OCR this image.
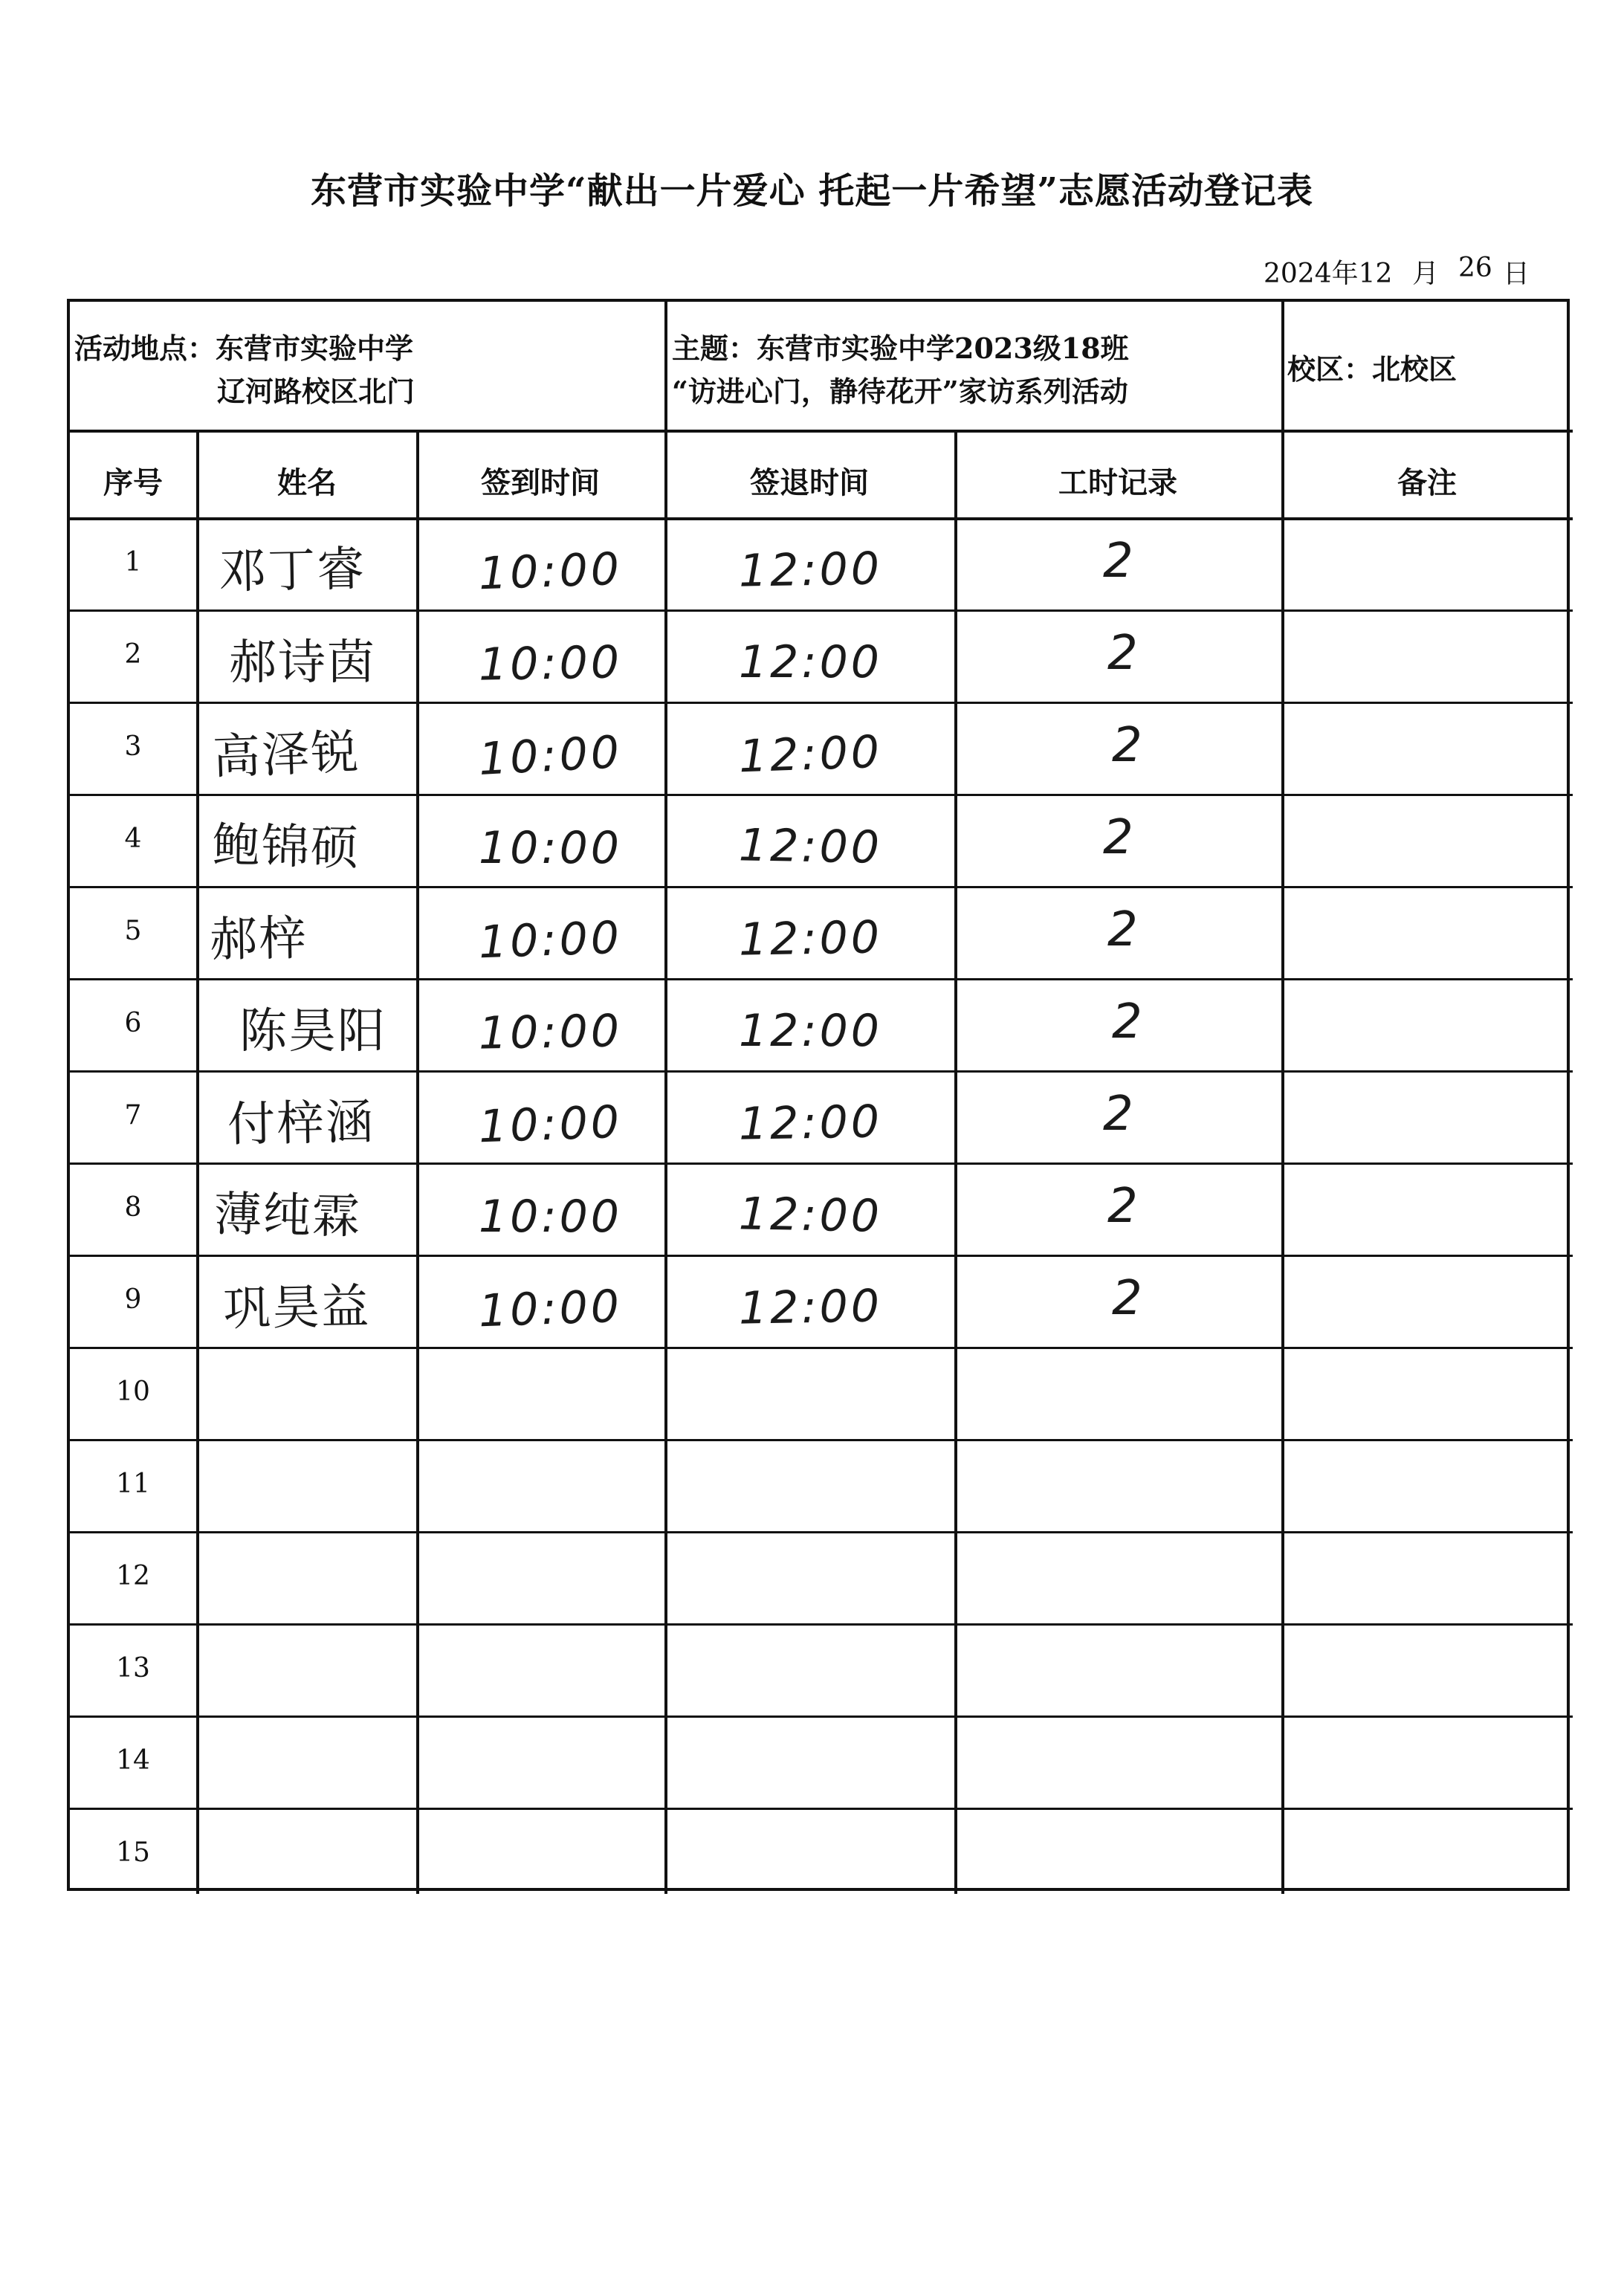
东营市实验中学“献出一片爱心 托起一片希望”志愿活动登记表
2024年12 月 26 日
活动地点：东营市实验中学
辽河路校区北门
主题：东营市实验中学2023级18班
“访进心门，静待花开”家访系列活动
校区：北校区
序号	姓名	签到时间	签退时间	工时记录	备注
1	邓丁睿	10:00	12:00	2
2	郝诗茵 10:00	12:00	2
3	高泽锐	10:00	12:00	2
4	鲍锦硕	10:00	12:00	2
5	郝梓	10:00	12:00	2
6	陈昊阳 10:00	12:00	2
7	付梓涵 10:00	12:00	2
8	薄纯霖	10:00	12:00	2
9	巩昊益 10:00	12:00	2
10
11
12
13
14
15
